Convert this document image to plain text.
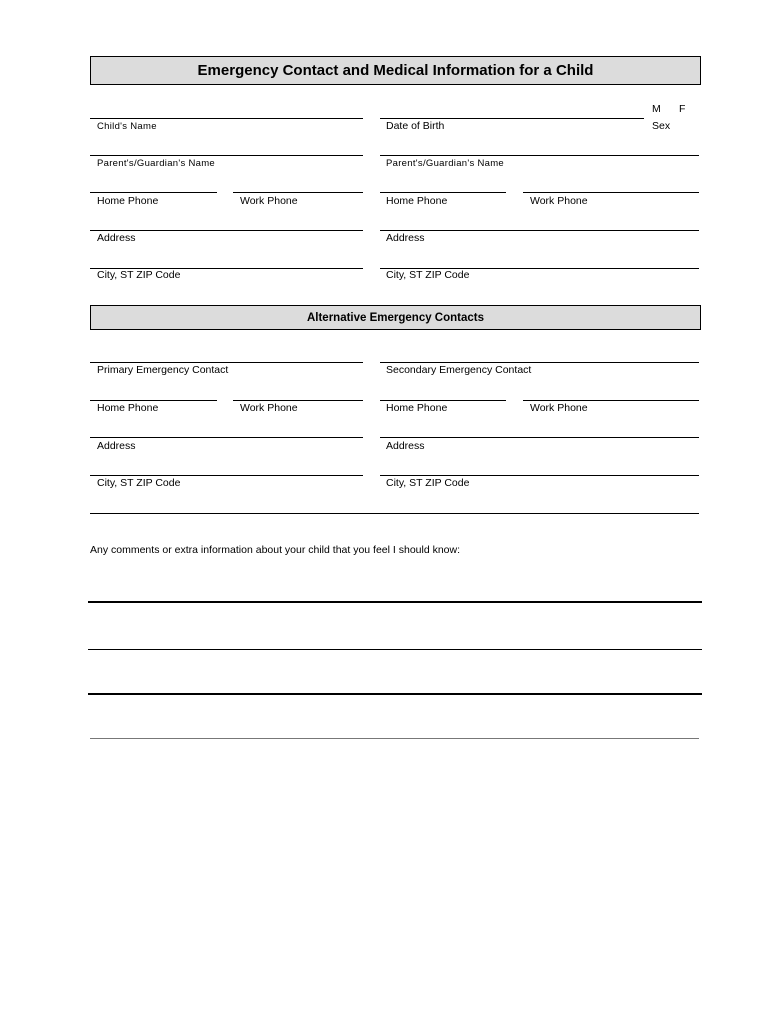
Emergency Contact and Medical Information for a Child
M F
Child's Name	Date of Birth	Sex
Parent's/Guardian's Name	Parent's/Guardian's Name
Home Phone	Work Phone	Home Phone	Work Phone
Address	Address
City, ST ZIP Code	City, ST ZIP Code
Alternative Emergency Contacts
Primary Emergency Contact	Secondary Emergency Contact
Home Phone	Work Phone	Home Phone	Work Phone
Address	Address
City, ST ZIP Code	City, ST ZIP Code
Any comments or extra information about your child that you feel I should know:
